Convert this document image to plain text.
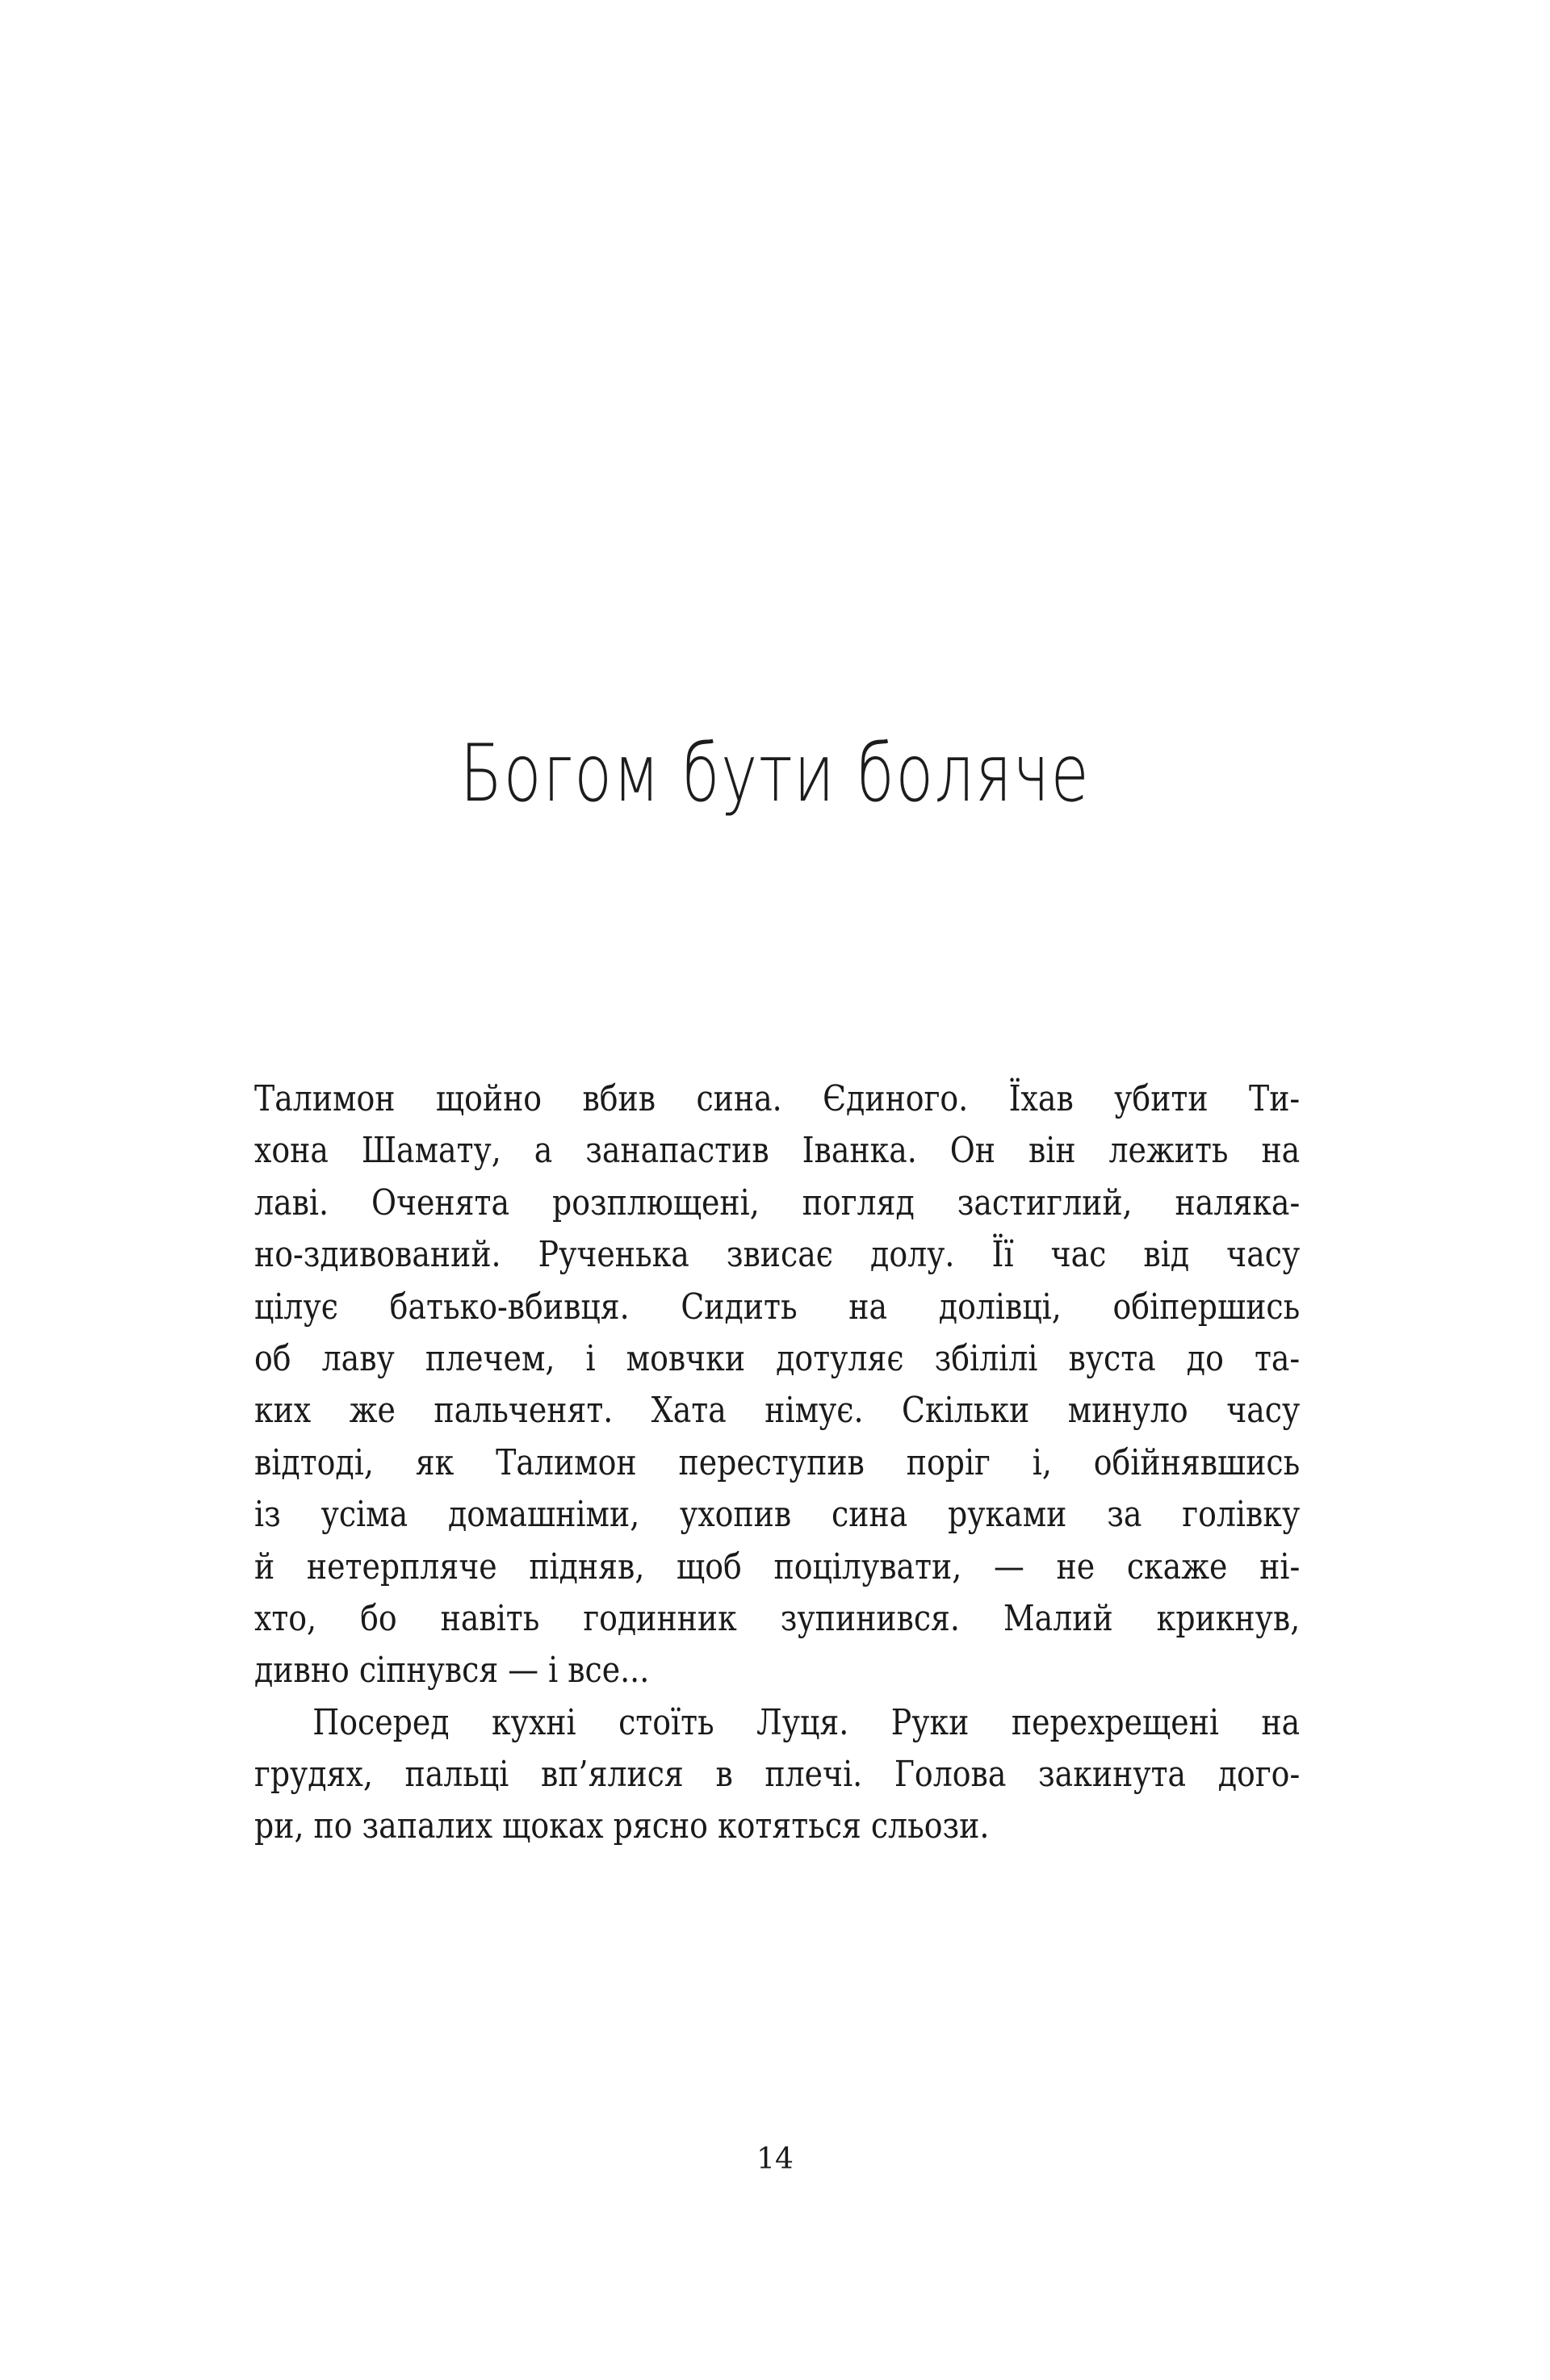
Богом бути боляче
Талимон щойно вбив сина. Єдиного. Їхав убити Ти-
хона Шамату, а занапастив Іванка. Он він лежить на
лаві. Оченята розплющені, погляд застиглий, наляка-
но-здивований. Рученька звисає долу. Її час від часу
цілує батько-вбивця. Сидить на долівці, обіпершись
об лаву плечем, і мовчки дотуляє збілілі вуста до та-
ких же пальченят. Хата німує. Скільки минуло часу
відтоді, як Талимон переступив поріг і, обійнявшись
із усіма домашніми, ухопив сина руками за голівку
й нетерпляче підняв, щоб поцілувати, — не скаже ні-
хто, бо навіть годинник зупинився. Малий крикнув,
дивно сіпнувся — і все...
Посеред кухні стоїть Луця. Руки перехрещені на
грудях, пальці вп’ялися в плечі. Голова закинута дого-
ри, по запалих щоках рясно котяться сльози.
14
